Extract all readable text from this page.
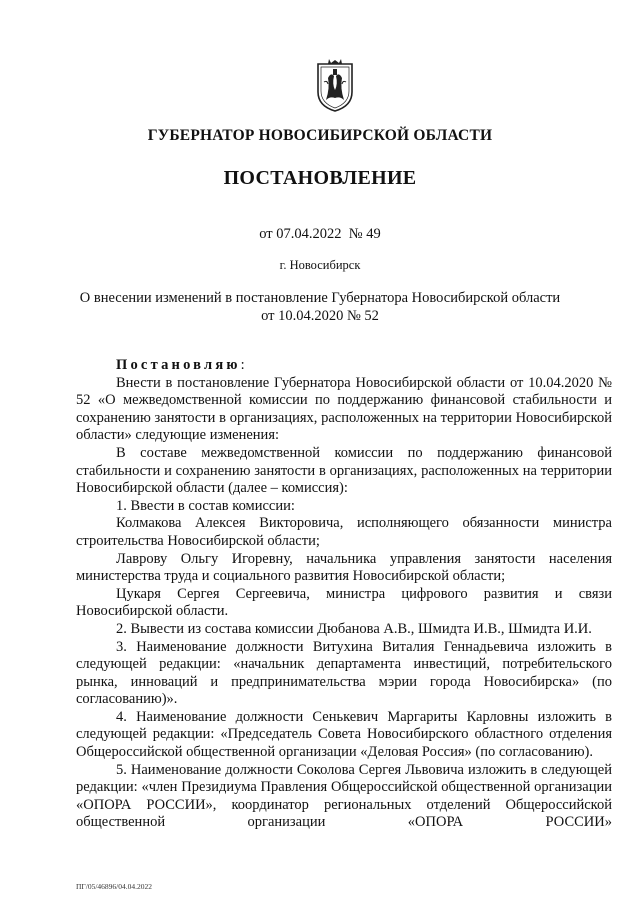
ГУБЕРНАТОР НОВОСИБИРСКОЙ ОБЛАСТИ
ПОСТАНОВЛЕНИЕ
от 07.04.2022  № 49
г. Новосибирск
О внесении изменений в постановление Губернатора Новосибирской области
от 10.04.2020 № 52

Постановляю:

Внести в постановление Губернатора Новосибирской области от 10.04.2020 № 52 «О межведомственной комиссии по поддержанию финансовой стабильности и сохранению занятости в организациях, расположенных на территории Новосибирской области» следующие изменения:

В составе межведомственной комиссии по поддержанию финансовой стабильности и сохранению занятости в организациях, расположенных на территории Новосибирской области (далее – комиссия):

1. Ввести в состав комиссии:

Колмакова Алексея Викторовича, исполняющего обязанности министра строительства Новосибирской области;

Лаврову Ольгу Игоревну, начальника управления занятости населения министерства труда и социального развития Новосибирской области;

Цукаря Сергея Сергеевича, министра цифрового развития и связи Новосибирской области.

2. Вывести из состава комиссии Дюбанова А.В., Шмидта И.В., Шмидта И.И.

3. Наименование должности Витухина Виталия Геннадьевича изложить в следующей редакции: «начальник департамента инвестиций, потребительского рынка, инноваций и предпринимательства мэрии города Новосибирска» (по согласованию)».

4. Наименование должности Сенькевич Маргариты Карловны изложить в следующей редакции: «Председатель Совета Новосибирского областного отделения Общероссийской общественной организации «Деловая Россия» (по согласованию).

5. Наименование должности Соколова Сергея Львовича изложить в следующей редакции: «член Президиума Правления Общероссийской общественной организации «ОПОРА РОССИИ», координатор региональных отделений Общероссийской общественной организации «ОПОРА РОССИИ»

ПГ/05/46896/04.04.2022
